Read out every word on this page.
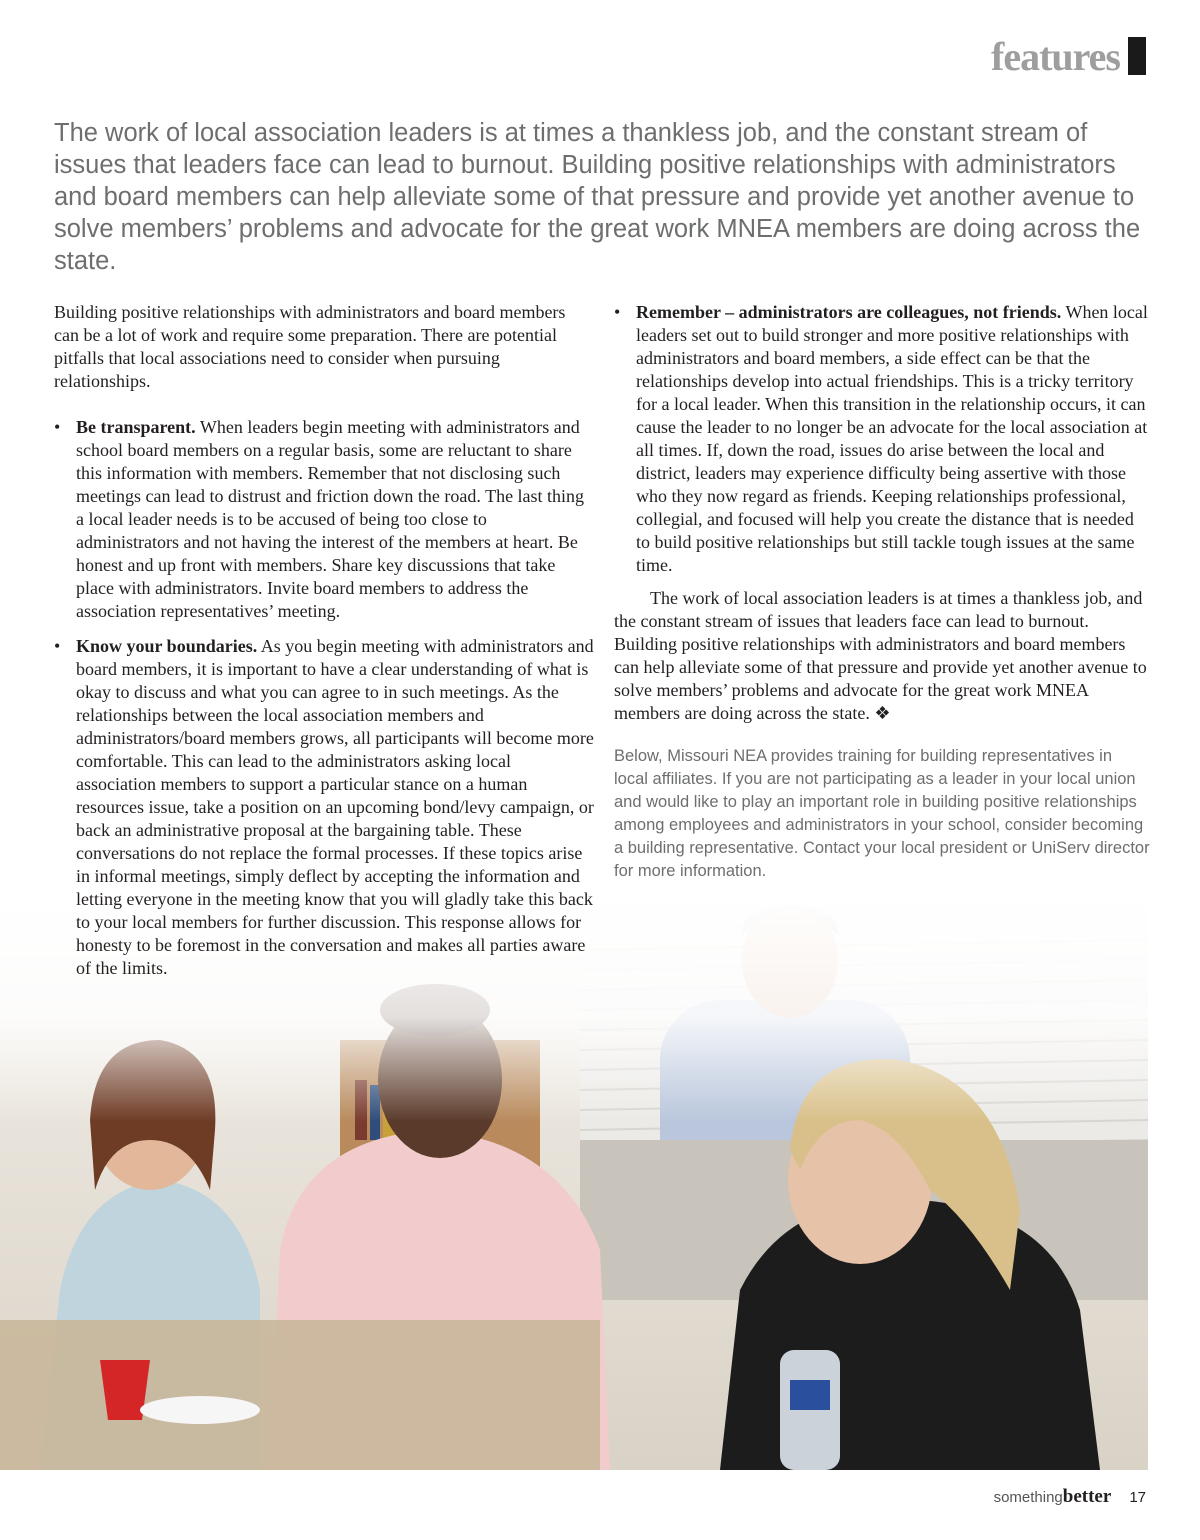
features

The work of local association leaders is at times a thankless job, and the constant stream of issues that leaders face can lead to burnout. Building positive relationships with administrators and board members can help alleviate some of that pressure and provide yet another avenue to solve members’ problems and advocate for the great work MNEA members are doing across the state.

Building positive relationships with administrators and board members can be a lot of work and require some preparation. There are potential pitfalls that local associations need to consider when pursuing relationships.

• Be transparent. When leaders begin meeting with administrators and school board members on a regular basis, some are reluctant to share this information with members. Remember that not disclosing such meetings can lead to distrust and friction down the road. The last thing a local leader needs is to be accused of being too close to administrators and not having the interest of the members at heart. Be honest and up front with members. Share key discussions that take place with administrators. Invite board members to address the association representatives’ meeting.

• Know your boundaries. As you begin meeting with administrators and board members, it is important to have a clear understanding of what is okay to discuss and what you can agree to in such meetings. As the relationships between the local association members and administrators/board members grows, all participants will become more comfortable. This can lead to the administrators asking local association members to support a particular stance on a human resources issue, take a position on an upcoming bond/levy campaign, or back an administrative proposal at the bargaining table. These conversations do not replace the formal processes. If these topics arise in informal meetings, simply deflect by accepting the information and letting everyone in the meeting know that you will gladly take this back to your local members for further discussion. This response allows for honesty to be foremost in the conversation and makes all parties aware of the limits.

• Remember – administrators are colleagues, not friends. When local leaders set out to build stronger and more positive relationships with administrators and board members, a side effect can be that the relationships develop into actual friendships. This is a tricky territory for a local leader. When this transition in the relationship occurs, it can cause the leader to no longer be an advocate for the local association at all times. If, down the road, issues do arise between the local and district, leaders may experience difficulty being assertive with those who they now regard as friends. Keeping relationships professional, collegial, and focused will help you create the distance that is needed to build positive relationships but still tackle tough issues at the same time.

The work of local association leaders is at times a thankless job, and the constant stream of issues that leaders face can lead to burnout. Building positive relationships with administrators and board members can help alleviate some of that pressure and provide yet another avenue to solve members’ problems and advocate for the great work MNEA members are doing across the state. ❖

Below, Missouri NEA provides training for building representatives in local affiliates. If you are not participating as a leader in your local union and would like to play an important role in building positive relationships among employees and administrators in your school, consider becoming a building representative. Contact your local president or UniServ director for more information.

something better 17
